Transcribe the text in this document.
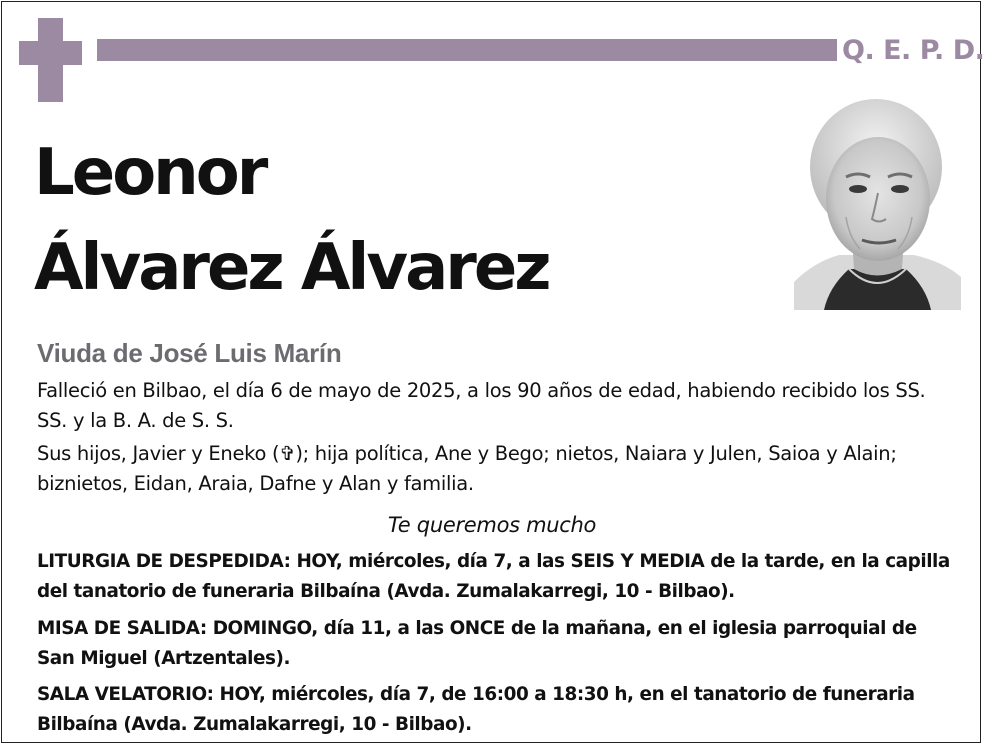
Q. E. P. D.
Leonor
Álvarez Álvarez
Viuda de José Luis Marín
Falleció en Bilbao, el día 6 de mayo de 2025, a los 90 años de edad, habiendo recibido los SS. SS. y la B. A. de S. S.
Sus hijos, Javier y Eneko (✞); hija política, Ane y Bego; nietos, Naiara y Julen, Saioa y Alain; biznietos, Eidan, Araia, Dafne y Alan y familia.
Te queremos mucho
LITURGIA DE DESPEDIDA: HOY, miércoles, día 7, a las SEIS Y MEDIA de la tarde, en la capilla del tanatorio de funeraria Bilbaína (Avda. Zumalakarregi, 10 - Bilbao).
MISA DE SALIDA: DOMINGO, día 11, a las ONCE de la mañana, en el iglesia parroquial de San Miguel (Artzentales).
SALA VELATORIO: HOY, miércoles, día 7, de 16:00 a 18:30 h, en el tanatorio de funeraria Bilbaína (Avda. Zumalakarregi, 10 - Bilbao).
